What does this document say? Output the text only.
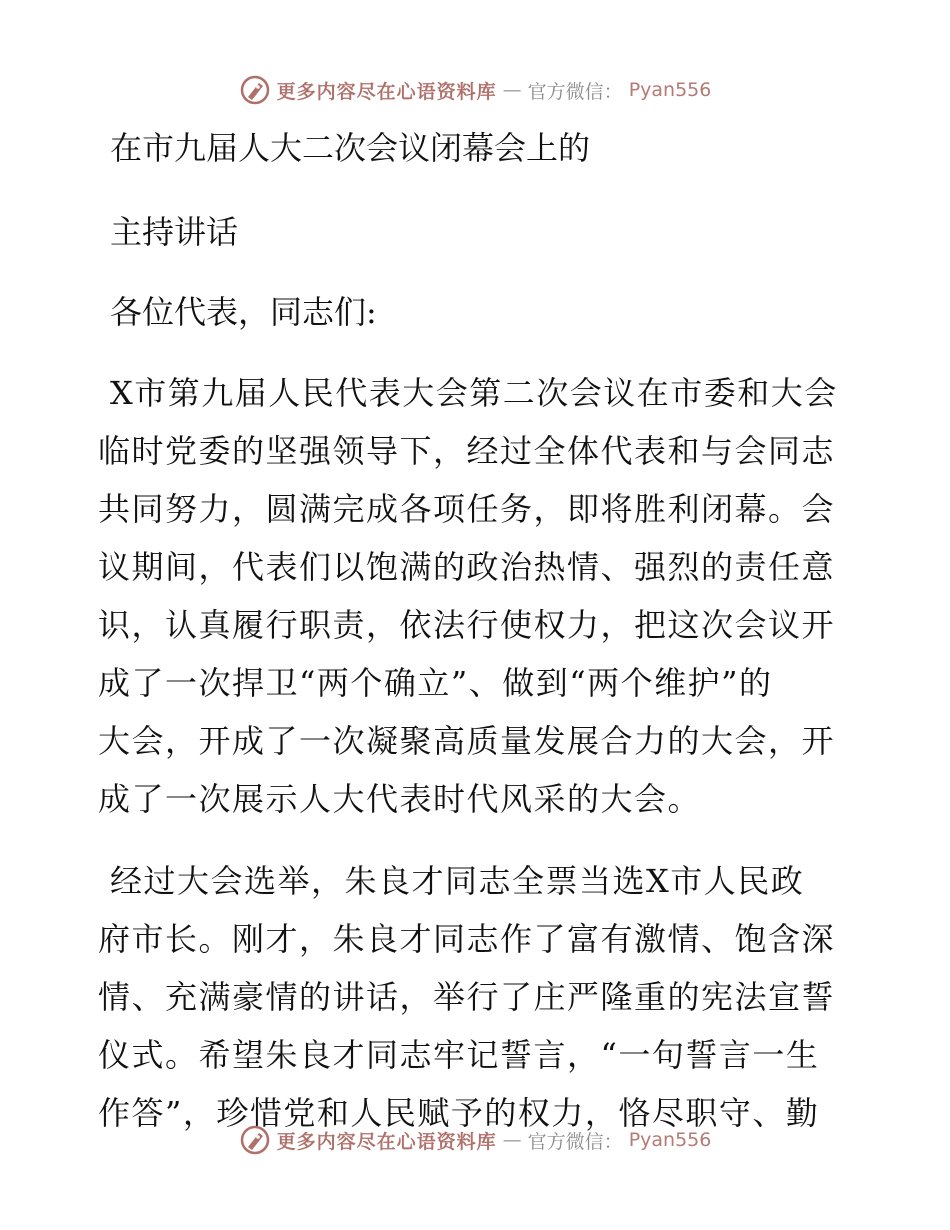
更多内容尽在心语资料库 — 官方微信： Pyan556
在市九届人大二次会议闭幕会上的
主持讲话
各位代表，同志们:
X市第九届人民代表大会第二次会议在市委和大会
临时党委的坚强领导下，经过全体代表和与会同志
共同努力，圆满完成各项任务，即将胜利闭幕。会
议期间，代表们以饱满的政治热情、强烈的责任意
识，认真履行职责，依法行使权力，把这次会议开
成了一次捍卫“两个确立”、做到“两个维护”的
大会，开成了一次凝聚高质量发展合力的大会，开
成了一次展示人大代表时代风采的大会。
经过大会选举，朱良才同志全票当选X市人民政
府市长。刚才，朱良才同志作了富有激情、饱含深
情、充满豪情的讲话，举行了庄严隆重的宪法宣誓
仪式。希望朱良才同志牢记誓言，“一句誓言一生
作答”，珍惜党和人民赋予的权力，恪尽职守、勤
更多内容尽在心语资料库 — 官方微信： Pyan556
